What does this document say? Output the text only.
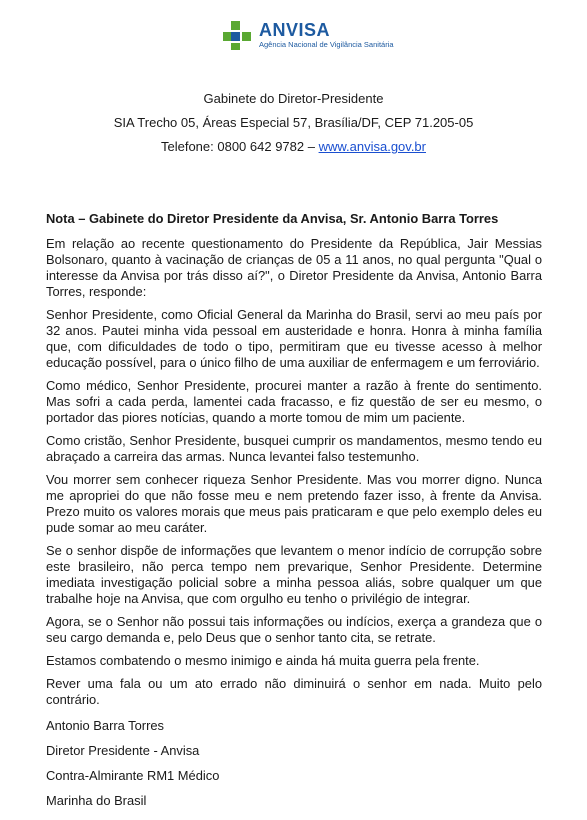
ANVISA
Agência Nacional de Vigilância Sanitária
Gabinete do Diretor-Presidente
SIA Trecho 05, Áreas Especial 57, Brasília/DF, CEP 71.205-05
Telefone: 0800 642 9782 – www.anvisa.gov.br

Nota – Gabinete do Diretor Presidente da Anvisa, Sr. Antonio Barra Torres

Em relação ao recente questionamento do Presidente da República, Jair Messias Bolsonaro, quanto à vacinação de crianças de 05 a 11 anos, no qual pergunta "Qual o interesse da Anvisa por trás disso aí?", o Diretor Presidente da Anvisa, Antonio Barra Torres, responde:

Senhor Presidente, como Oficial General da Marinha do Brasil, servi ao meu país por 32 anos. Pautei minha vida pessoal em austeridade e honra. Honra à minha família que, com dificuldades de todo o tipo, permitiram que eu tivesse acesso à melhor educação possível, para o único filho de uma auxiliar de enfermagem e um ferroviário.

Como médico, Senhor Presidente, procurei manter a razão à frente do sentimento. Mas sofri a cada perda, lamentei cada fracasso, e fiz questão de ser eu mesmo, o portador das piores notícias, quando a morte tomou de mim um paciente.

Como cristão, Senhor Presidente, busquei cumprir os mandamentos, mesmo tendo eu abraçado a carreira das armas. Nunca levantei falso testemunho.

Vou morrer sem conhecer riqueza Senhor Presidente. Mas vou morrer digno. Nunca me apropriei do que não fosse meu e nem pretendo fazer isso, à frente da Anvisa. Prezo muito os valores morais que meus pais praticaram e que pelo exemplo deles eu pude somar ao meu caráter.

Se o senhor dispõe de informações que levantem o menor indício de corrupção sobre este brasileiro, não perca tempo nem prevarique, Senhor Presidente. Determine imediata investigação policial sobre a minha pessoa aliás, sobre qualquer um que trabalhe hoje na Anvisa, que com orgulho eu tenho o privilégio de integrar.

Agora, se o Senhor não possui tais informações ou indícios, exerça a grandeza que o seu cargo demanda e, pelo Deus que o senhor tanto cita, se retrate.

Estamos combatendo o mesmo inimigo e ainda há muita guerra pela frente.

Rever uma fala ou um ato errado não diminuirá o senhor em nada. Muito pelo contrário.

Antonio Barra Torres
Diretor Presidente - Anvisa
Contra-Almirante RM1 Médico
Marinha do Brasil
